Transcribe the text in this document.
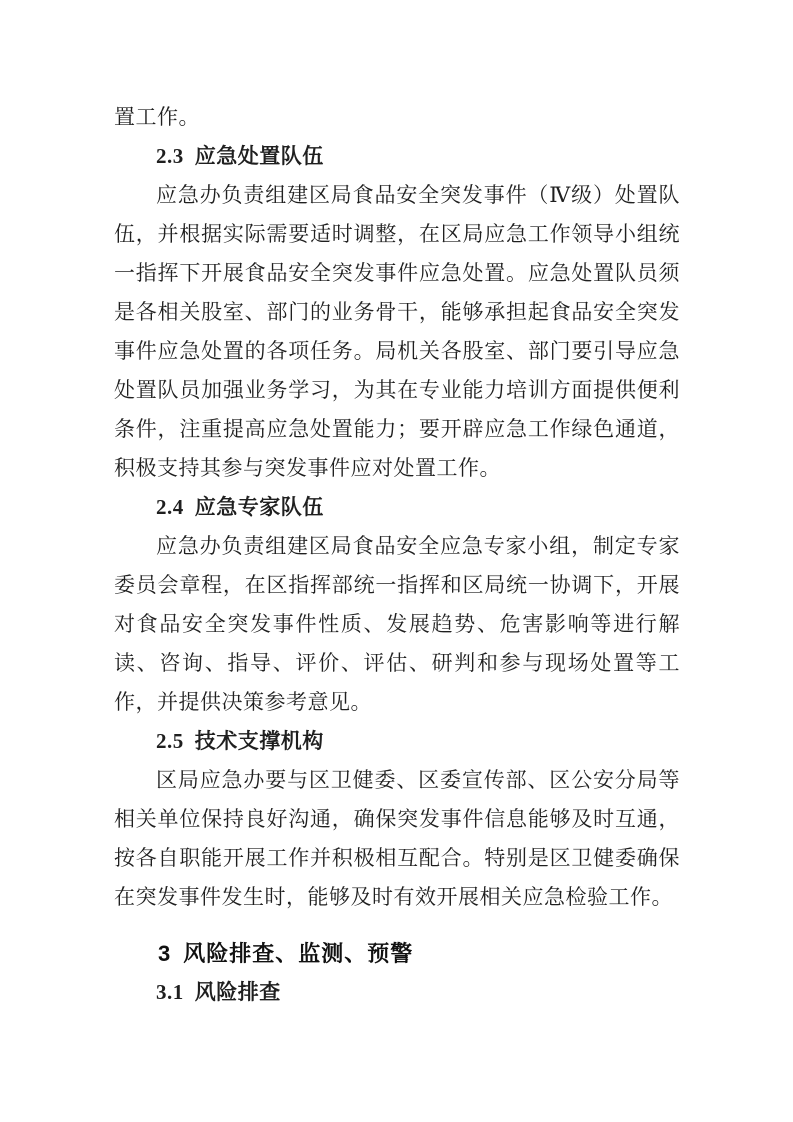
置工作。

2.3 应急处置队伍

应急办负责组建区局食品安全突发事件（Ⅳ级）处置队伍，并根据实际需要适时调整，在区局应急工作领导小组统一指挥下开展食品安全突发事件应急处置。应急处置队员须是各相关股室、部门的业务骨干，能够承担起食品安全突发事件应急处置的各项任务。局机关各股室、部门要引导应急处置队员加强业务学习，为其在专业能力培训方面提供便利条件，注重提高应急处置能力；要开辟应急工作绿色通道，积极支持其参与突发事件应对处置工作。

2.4 应急专家队伍

应急办负责组建区局食品安全应急专家小组，制定专家委员会章程，在区指挥部统一指挥和区局统一协调下，开展对食品安全突发事件性质、发展趋势、危害影响等进行解读、咨询、指导、评价、评估、研判和参与现场处置等工作，并提供决策参考意见。

2.5 技术支撑机构

区局应急办要与区卫健委、区委宣传部、区公安分局等相关单位保持良好沟通，确保突发事件信息能够及时互通，按各自职能开展工作并积极相互配合。特别是区卫健委确保在突发事件发生时，能够及时有效开展相关应急检验工作。

3 风险排查、监测、预警
3.1 风险排查
